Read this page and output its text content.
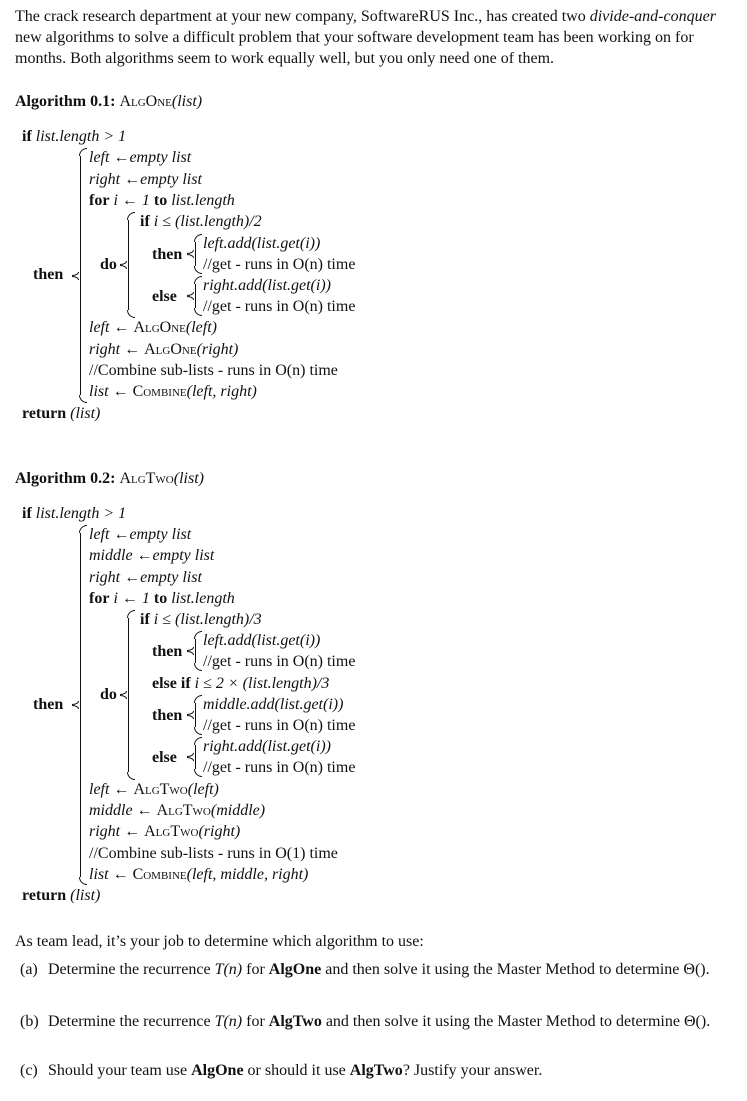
The crack research department at your new company, SoftwareRUS Inc., has created two divide-and-conquer new algorithms to solve a difficult problem that your software development team has been working on for months. Both algorithms seem to work equally well, but you only need one of them.
Algorithm 0.1: AlgOne(list)
if list.length > 1
then
left ←empty list
right ←empty list
for i ← 1 to list.length
do
if i ≤ (list.length)/2
then
left.add(list.get(i))
//get - runs in O(n) time
else
right.add(list.get(i))
//get - runs in O(n) time
left ← AlgOne(left)
right ← AlgOne(right)
//Combine sub-lists - runs in O(n) time
list ← Combine(left, right)
return (list)
Algorithm 0.2: AlgTwo(list)
if list.length > 1
then
left ←empty list
middle ←empty list
right ←empty list
for i ← 1 to list.length
do
if i ≤ (list.length)/3
then
left.add(list.get(i))
//get - runs in O(n) time
else if i ≤ 2 × (list.length)/3
then
middle.add(list.get(i))
//get - runs in O(n) time
else
right.add(list.get(i))
//get - runs in O(n) time
left ← AlgTwo(left)
middle ← AlgTwo(middle)
right ← AlgTwo(right)
//Combine sub-lists - runs in O(1) time
list ← Combine(left, middle, right)
return (list)
As team lead, it’s your job to determine which algorithm to use:
(a) Determine the recurrence T(n) for AlgOne and then solve it using the Master Method to determine Θ().
(b) Determine the recurrence T(n) for AlgTwo and then solve it using the Master Method to determine Θ().
(c) Should your team use AlgOne or should it use AlgTwo? Justify your answer.
